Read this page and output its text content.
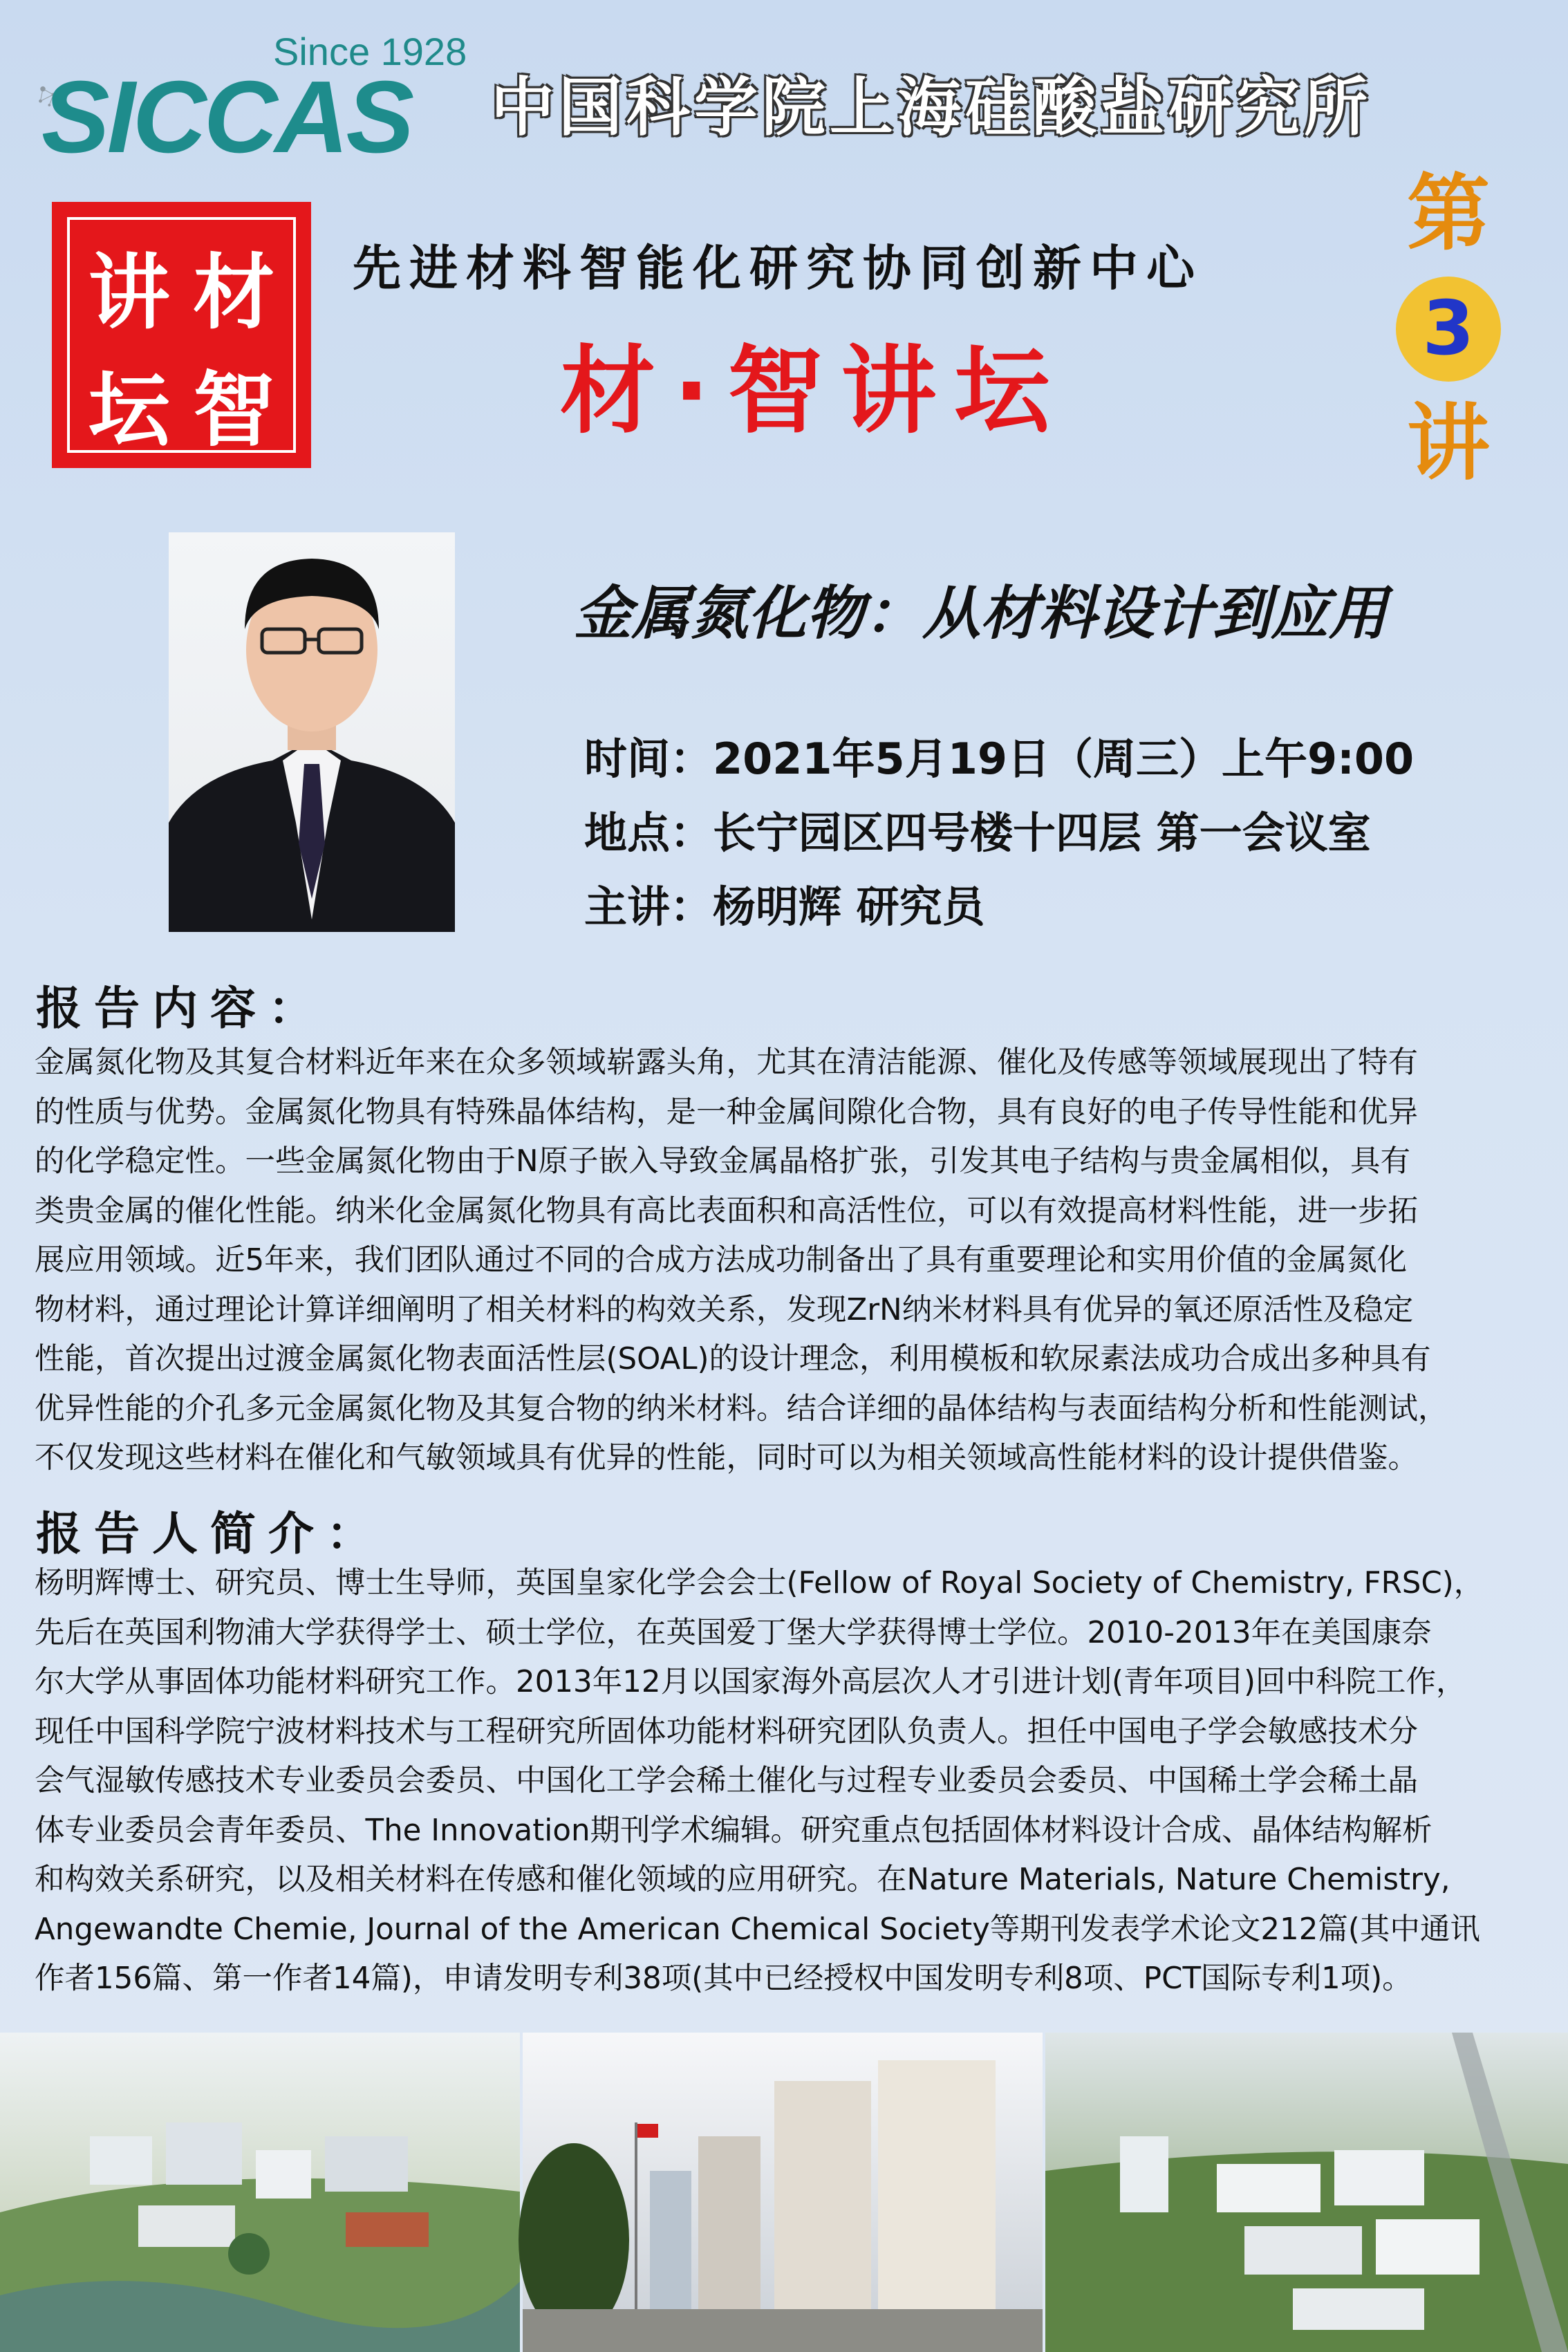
Since 1928
SICCAS 中国科学院上海硅酸盐研究所
讲 材
坛 智
先进材料智能化研究协同创新中心
材·智讲坛
第
3
讲
金属氮化物：从材料设计到应用
时间：2021年5月19日（周三）上午9:00
地点：长宁园区四号楼十四层 第一会议室
主讲：杨明辉 研究员
报告内容：
金属氮化物及其复合材料近年来在众多领域崭露头角，尤其在清洁能源、催化及传感等领域展现出了特有
的性质与优势。金属氮化物具有特殊晶体结构，是一种金属间隙化合物，具有良好的电子传导性能和优异
的化学稳定性。一些金属氮化物由于N原子嵌入导致金属晶格扩张，引发其电子结构与贵金属相似，具有
类贵金属的催化性能。纳米化金属氮化物具有高比表面积和高活性位，可以有效提高材料性能，进一步拓
展应用领域。近5年来，我们团队通过不同的合成方法成功制备出了具有重要理论和实用价值的金属氮化
物材料，通过理论计算详细阐明了相关材料的构效关系，发现ZrN纳米材料具有优异的氧还原活性及稳定
性能，首次提出过渡金属氮化物表面活性层(SOAL)的设计理念，利用模板和软尿素法成功合成出多种具有
优异性能的介孔多元金属氮化物及其复合物的纳米材料。结合详细的晶体结构与表面结构分析和性能测试，
不仅发现这些材料在催化和气敏领域具有优异的性能，同时可以为相关领域高性能材料的设计提供借鉴。
报告人简介：
杨明辉博士、研究员、博士生导师，英国皇家化学会会士(Fellow of Royal Society of Chemistry, FRSC)，
先后在英国利物浦大学获得学士、硕士学位，在英国爱丁堡大学获得博士学位。2010-2013年在美国康奈
尔大学从事固体功能材料研究工作。2013年12月以国家海外高层次人才引进计划(青年项目)回中科院工作，
现任中国科学院宁波材料技术与工程研究所固体功能材料研究团队负责人。担任中国电子学会敏感技术分
会气湿敏传感技术专业委员会委员、中国化工学会稀土催化与过程专业委员会委员、中国稀土学会稀土晶
体专业委员会青年委员、The Innovation期刊学术编辑。研究重点包括固体材料设计合成、晶体结构解析
和构效关系研究，以及相关材料在传感和催化领域的应用研究。在Nature Materials, Nature Chemistry,
Angewandte Chemie, Journal of the American Chemical Society等期刊发表学术论文212篇(其中通讯
作者156篇、第一作者14篇)，申请发明专利38项(其中已经授权中国发明专利8项、PCT国际专利1项)。
